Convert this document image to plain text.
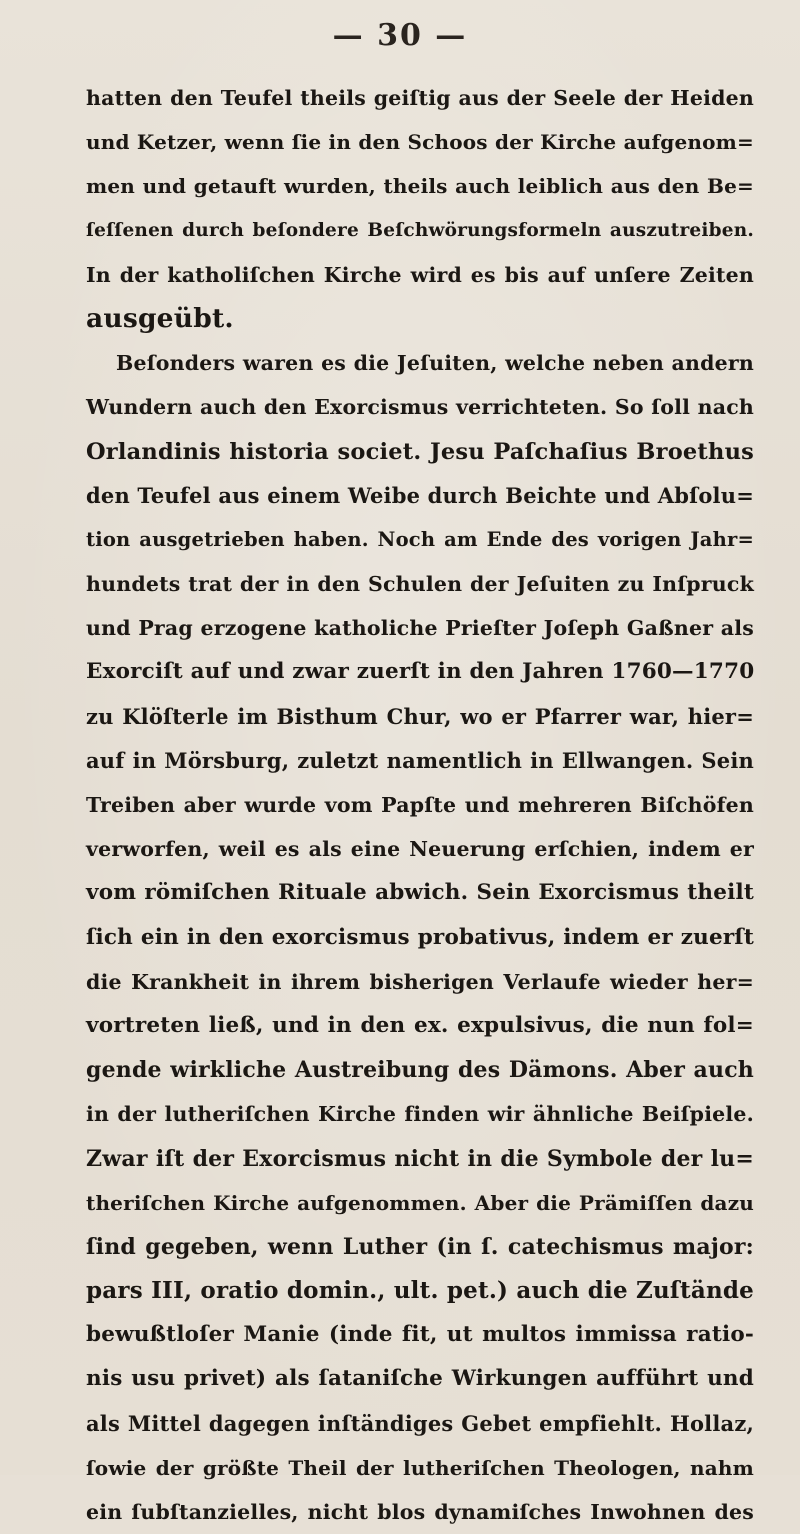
— 30 —
hatten den Teufel theils geiſtig aus der Seele der Heiden
und Ketzer, wenn ſie in den Schoos der Kirche aufgenom=
men und getauft wurden, theils auch leiblich aus den Be=
ſeſſenen durch beſondere Beſchwörungsformeln auszutreiben.
In der katholiſchen Kirche wird es bis auf unſere Zeiten
ausgeübt.
Beſonders waren es die Jeſuiten, welche neben andern
Wundern auch den Exorcismus verrichteten. So ſoll nach
Orlandinis historia societ. Jesu Paſchaſius Broethus
den Teufel aus einem Weibe durch Beichte und Abſolu=
tion ausgetrieben haben. Noch am Ende des vorigen Jahr=
hundets trat der in den Schulen der Jeſuiten zu Inſpruck
und Prag erzogene katholiche Prieſter Joſeph Gaßner als
Exorciſt auf und zwar zuerſt in den Jahren 1760—1770
zu Klöſterle im Bisthum Chur, wo er Pfarrer war, hier=
auf in Mörsburg, zuletzt namentlich in Ellwangen. Sein
Treiben aber wurde vom Papſte und mehreren Biſchöfen
verworfen, weil es als eine Neuerung erſchien, indem er
vom römiſchen Rituale abwich. Sein Exorcismus theilt
ſich ein in den exorcismus probativus, indem er zuerſt
die Krankheit in ihrem bisherigen Verlaufe wieder her=
vortreten ließ, und in den ex. expulsivus, die nun fol=
gende wirkliche Austreibung des Dämons. Aber auch
in der lutheriſchen Kirche finden wir ähnliche Beiſpiele.
Zwar iſt der Exorcismus nicht in die Symbole der lu=
theriſchen Kirche aufgenommen. Aber die Prämiſſen dazu
ſind gegeben, wenn Luther (in ſ. catechismus major:
pars III, oratio domin., ult. pet.) auch die Zuſtände
bewußtloſer Manie (inde fit, ut multos immissa ratio-
nis usu privet) als ſataniſche Wirkungen aufführt und
als Mittel dagegen inſtändiges Gebet empfiehlt. Hollaz,
ſowie der größte Theil der lutheriſchen Theologen, nahm
ein ſubſtanzielles, nicht blos dynamiſches Inwohnen des
